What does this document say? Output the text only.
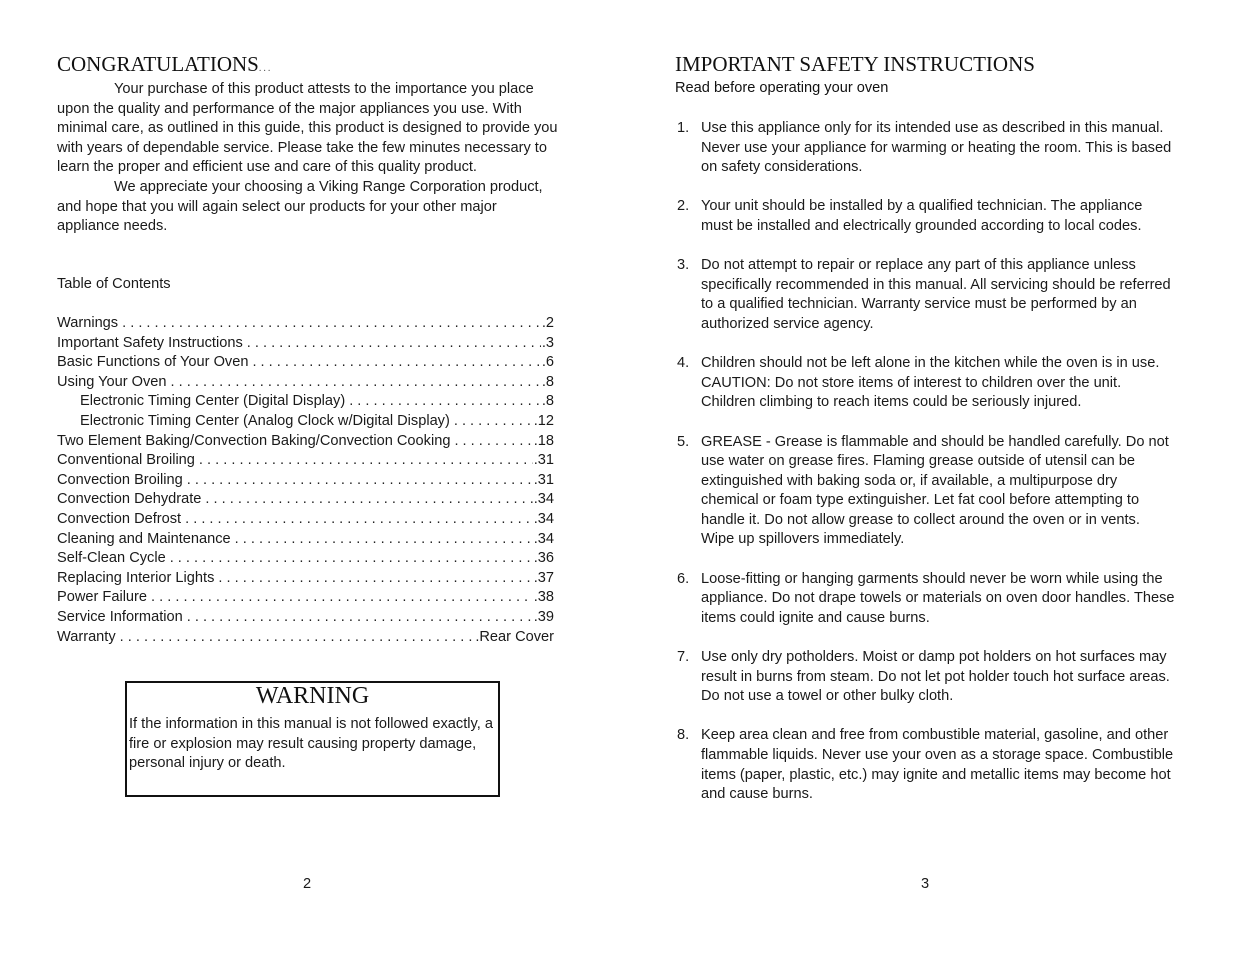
CONGRATULATIONS...

Your purchase of this product attests to the importance you place upon the quality and performance of the major appliances you use. With minimal care, as outlined in this guide, this product is designed to provide you with years of dependable service. Please take the few minutes necessary to learn the proper and efficient use and care of this quality product.

We appreciate your choosing a Viking Range Corporation product, and hope that you will again select our products for your other major appliance needs.

Table of Contents

Warnings . . .	.2
Important Safety Instructions . . .	.3
Basic Functions of Your Oven . . .	.6
Using Your Oven . . .	.8
Electronic Timing Center (Digital Display) . . .	.8
Electronic Timing Center (Analog Clock w/Digital Display) . . .	.12
Two Element Baking/Convection Baking/Convection Cooking . . .	.18
Conventional Broiling . . .	.31
Convection Broiling . . .	.31
Convection Dehydrate . . .	.34
Convection Defrost . . .	.34
Cleaning and Maintenance . . .	.34
Self-Clean Cycle . . .	.36
Replacing Interior Lights . . .	.37
Power Failure . . .	.38
Service Information . . .	.39
Warranty . . .	.Rear Cover
WARNING
If the information in this manual is not followed exactly, a fire or explosion may result causing property damage, personal injury or death.
2
IMPORTANT SAFETY INSTRUCTIONS

Read before operating your oven

1. Use this appliance only for its intended use as described in this manual. Never use your appliance for warming or heating the room. This is based on safety considerations.
2. Your unit should be installed by a qualified technician. The appliance must be installed and electrically grounded according to local codes.
3. Do not attempt to repair or replace any part of this appliance unless specifically recommended in this manual. All servicing should be referred to a qualified technician. Warranty service must be performed by an authorized service agency.
4. Children should not be left alone in the kitchen while the oven is in use. CAUTION: Do not store items of interest to children over the unit. Children climbing to reach items could be seriously injured.
5. GREASE - Grease is flammable and should be handled carefully. Do not use water on grease fires. Flaming grease outside of utensil can be extinguished with baking soda or, if available, a multipurpose dry chemical or foam type extinguisher. Let fat cool before attempting to handle it. Do not allow grease to collect around the oven or in vents. Wipe up spillovers immediately.
6. Loose-fitting or hanging garments should never be worn while using the appliance. Do not drape towels or materials on oven door handles. These items could ignite and cause burns.
7. Use only dry potholders. Moist or damp pot holders on hot surfaces may result in burns from steam. Do not let pot holder touch hot surface areas. Do not use a towel or other bulky cloth.
8. Keep area clean and free from combustible material, gasoline, and other flammable liquids. Never use your oven as a storage space. Combustible items (paper, plastic, etc.) may ignite and metallic items may become hot and cause burns.
3
